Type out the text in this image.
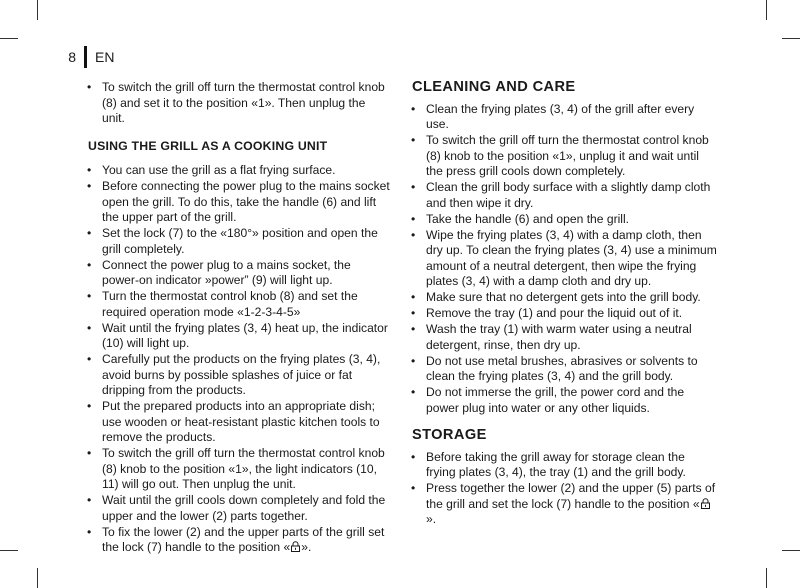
8 EN
• To switch the grill off turn the thermostat control knob (8) and set it to the position «1». Then unplug the unit.
USING THE GRILL AS A COOKING UNIT
• You can use the grill as a flat frying surface.
• Before connecting the power plug to the mains socket open the grill. To do this, take the handle (6) and lift the upper part of the grill.
• Set the lock (7) to the «180°» position and open the grill completely.
• Connect the power plug to a mains socket, the power-on indicator »power” (9) will light up.
• Turn the thermostat control knob (8) and set the required operation mode «1-2-3-4-5»
• Wait until the frying plates (3, 4) heat up, the indicator (10) will light up.
• Carefully put the products on the frying plates (3, 4), avoid burns by possible splashes of juice or fat dripping from the products.
• Put the prepared products into an appropriate dish; use wooden or heat-resistant plastic kitchen tools to remove the products.
• To switch the grill off turn the thermostat control knob (8) knob to the position «1», the light indicators (10, 11) will go out. Then unplug the unit.
• Wait until the grill cools down completely and fold the upper and the lower (2) parts together.
• To fix the lower (2) and the upper parts of the grill set the lock (7) handle to the position « ».
CLEANING AND CARE
• Clean the frying plates (3, 4) of the grill after every use.
• To switch the grill off turn the thermostat control knob (8) knob to the position «1», unplug it and wait until the press grill cools down completely.
• Clean the grill body surface with a slightly damp cloth and then wipe it dry.
• Take the handle (6) and open the grill.
• Wipe the frying plates (3, 4) with a damp cloth, then dry up. To clean the frying plates (3, 4) use a minimum amount of a neutral detergent, then wipe the frying plates (3, 4) with a damp cloth and dry up.
• Make sure that no detergent gets into the grill body.
• Remove the tray (1) and pour the liquid out of it.
• Wash the tray (1) with warm water using a neutral detergent, rinse, then dry up.
• Do not use metal brushes, abrasives or solvents to clean the frying plates (3, 4) and the grill body.
• Do not immerse the grill, the power cord and the power plug into water or any other liquids.
STORAGE
• Before taking the grill away for storage clean the frying plates (3, 4), the tray (1) and the grill body.
• Press together the lower (2) and the upper (5) parts of the grill and set the lock (7) handle to the position «».
